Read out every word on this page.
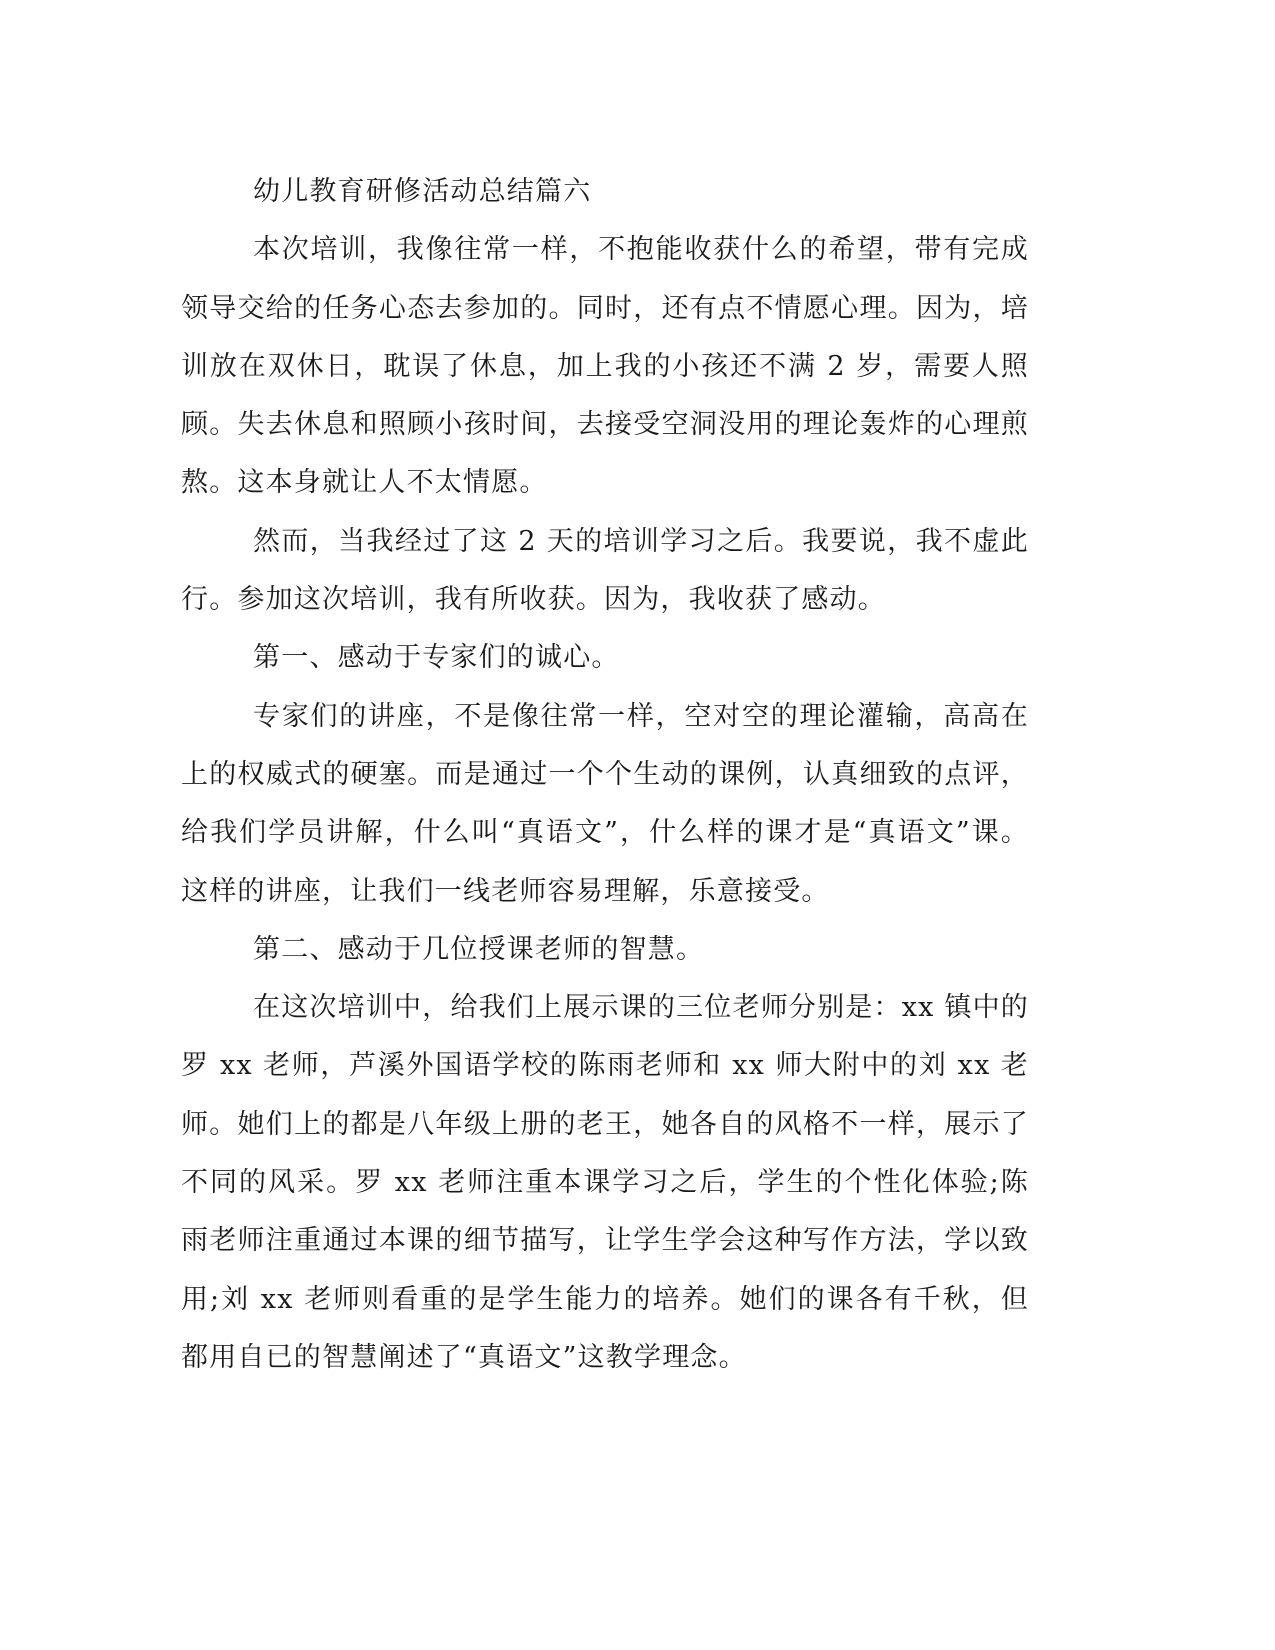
幼儿教育研修活动总结篇六

本次培训，我像往常一样，不抱能收获什么的希望，带有完成领导交给的任务心态去参加的。同时，还有点不情愿心理。因为，培训放在双休日，耽误了休息，加上我的小孩还不满 2 岁，需要人照顾。失去休息和照顾小孩时间，去接受空洞没用的理论轰炸的心理煎熬。这本身就让人不太情愿。

然而，当我经过了这 2 天的培训学习之后。我要说，我不虚此行。参加这次培训，我有所收获。因为，我收获了感动。

第一、感动于专家们的诚心。

专家们的讲座，不是像往常一样，空对空的理论灌输，高高在上的权威式的硬塞。而是通过一个个生动的课例，认真细致的点评，给我们学员讲解，什么叫“真语文”，什么样的课才是“真语文”课。这样的讲座，让我们一线老师容易理解，乐意接受。

第二、感动于几位授课老师的智慧。

在这次培训中，给我们上展示课的三位老师分别是：xx 镇中的罗 xx 老师，芦溪外国语学校的陈雨老师和 xx 师大附中的刘 xx 老师。她们上的都是八年级上册的老王，她各自的风格不一样，展示了不同的风采。罗 xx 老师注重本课学习之后，学生的个性化体验;陈雨老师注重通过本课的细节描写，让学生学会这种写作方法，学以致用;刘 xx 老师则看重的是学生能力的培养。她们的课各有千秋，但都用自已的智慧阐述了“真语文”这教学理念。
